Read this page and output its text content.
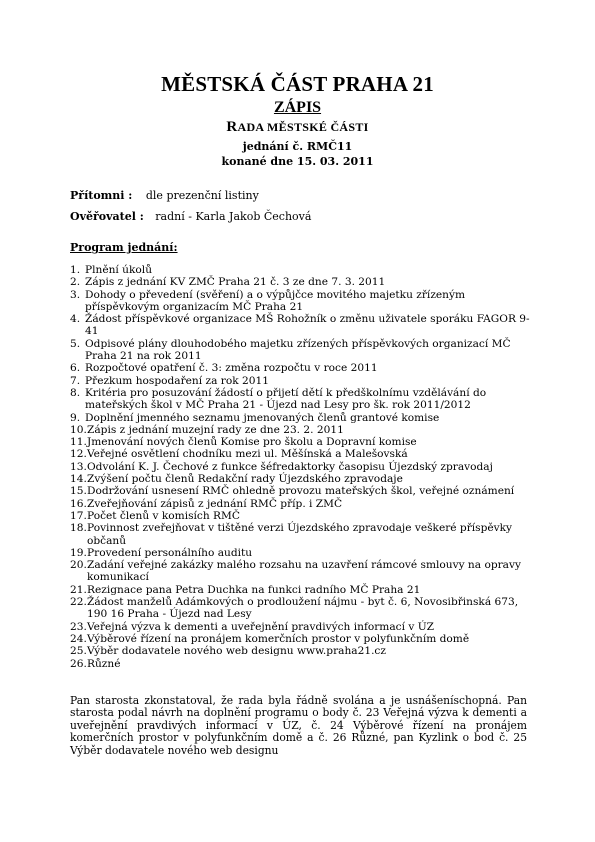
MĚSTSKÁ ČÁST PRAHA 21
ZÁPIS
RADA MĚSTSKÉ ČÁSTI
jednání č. RMČ11
konané dne 15. 03. 2011
Přítomni : dle prezenční listiny
Ověřovatel : radní - Karla Jakob Čechová
Program jednání:
1. Plnění úkolů
2. Zápis z jednání KV ZMČ Praha 21 č. 3 ze dne 7. 3. 2011
3. Dohody o převedení (svěření) a o výpůjčce movitého majetku zřízeným příspěvkovým organizacím MČ Praha 21
4. Žádost příspěvkové organizace MŠ Rohožník o změnu uživatele sporáku FAGOR 9-41
5. Odpisové plány dlouhodobého majetku zřízených příspěvkových organizací MČ Praha 21 na rok 2011
6. Rozpočtové opatření č. 3: změna rozpočtu v roce 2011
7. Přezkum hospodaření za rok 2011
8. Kritéria pro posuzování žádostí o přijetí dětí k předškolnímu vzdělávání do mateřských škol v MČ Praha 21 - Újezd nad Lesy pro šk. rok 2011/2012
9. Doplnění jmenného seznamu jmenovaných členů grantové komise
10. Zápis z jednání muzejní rady ze dne 23. 2. 2011
11. Jmenování nových členů Komise pro školu a Dopravní komise
12. Veřejné osvětlení chodníku mezi ul. Měšínská a Malešovská
13. Odvolání K. J. Čechové z funkce šéfredaktorky časopisu Újezdský zpravodaj
14. Zvýšení počtu členů Redakční rady Újezdského zpravodaje
15. Dodržování usnesení RMČ ohledně provozu mateřských škol, veřejné oznámení
16. Zveřejňování zápisů z jednání RMČ příp. i ZMČ
17. Počet členů v komisích RMČ
18. Povinnost zveřejňovat v tištěné verzi Újezdského zpravodaje veškeré příspěvky občanů
19. Provedení personálního auditu
20. Zadání veřejné zakázky malého rozsahu na uzavření rámcové smlouvy na opravy komunikací
21. Rezignace pana Petra Duchka na funkci radního MČ Praha 21
22. Žádost manželů Adámkových o prodloužení nájmu - byt č. 6, Novosibřinská 673, 190 16 Praha - Újezd nad Lesy
23. Veřejná výzva k dementi a uveřejnění pravdivých informací v ÚZ
24. Výběrové řízení na pronájem komerčních prostor v polyfunkčním domě
25. Výběr dodavatele nového web designu www.praha21.cz
26. Různé
Pan starosta zkonstatoval, že rada byla řádně svolána a je usnášeníschopná. Pan starosta podal návrh na doplnění programu o body č. 23 Veřejná výzva k dementi a uveřejnění pravdivých informací v ÚZ, č. 24 Výběrové řízení na pronájem komerčních prostor v polyfunkčním domě a č. 26 Různé, pan Kyzlink o bod č. 25 Výběr dodavatele nového web designu
